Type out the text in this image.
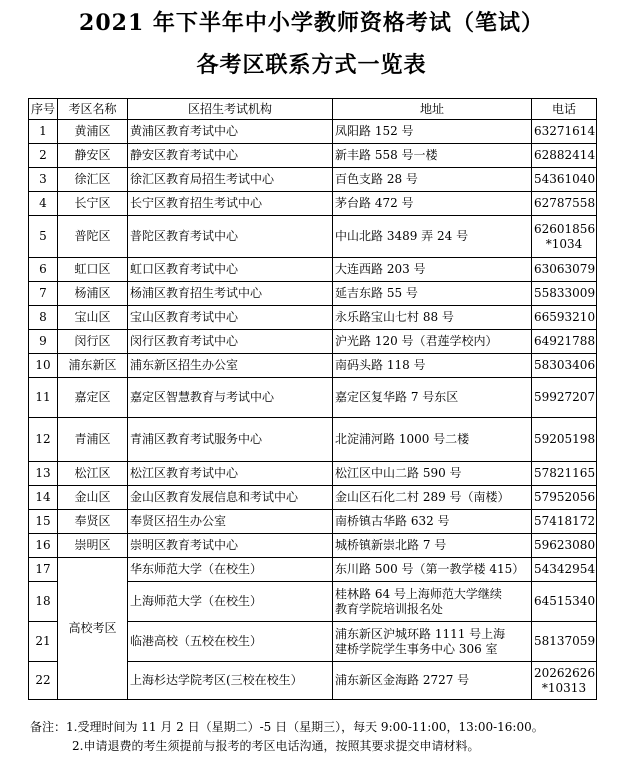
2021 年下半年中小学教师资格考试（笔试）
各考区联系方式一览表
序号	考区名称	区招生考试机构	地址	电话
1	黄浦区	黄浦区教育考试中心	凤阳路 152 号	63271614
2	静安区	静安区教育考试中心	新丰路 558 号一楼	62882414
3	徐汇区	徐汇区教育局招生考试中心	百色支路 28 号	54361040
4	长宁区	长宁区教育招生考试中心	茅台路 472 号	62787558
5	普陀区	普陀区教育考试中心	中山北路 3489 弄 24 号	62601856
*1034

6	虹口区	虹口区教育考试中心	大连西路 203 号	63063079
7	杨浦区	杨浦区教育招生考试中心	延吉东路 55 号	55833009
8	宝山区	宝山区教育考试中心	永乐路宝山七村 88 号	66593210
9	闵行区	闵行区教育考试中心	沪光路 120 号（君莲学校内）	64921788
10	浦东新区	浦东新区招生办公室	南码头路 118 号	58303406
11	嘉定区	嘉定区智慧教育与考试中心	嘉定区复华路 7 号东区	59927207
12	青浦区	青浦区教育考试服务中心	北淀浦河路 1000 号二楼	59205198
13	松江区	松江区教育考试中心	松江区中山二路 590 号	57821165
14	金山区	金山区教育发展信息和考试中心	金山区石化二村 289 号（南楼）	57952056
15	奉贤区	奉贤区招生办公室	南桥镇古华路 632 号	57418172
16	崇明区	崇明区教育考试中心	城桥镇新崇北路 7 号	59623080
17	高校考区	华东师范大学（在校生）	东川路 500 号（第一教学楼 415）	54342954
18		上海师范大学（在校生）	桂林路 64 号上海师范大学继续
教育学院培训报名处	64515340
21		临港高校（五校在校生）	浦东新区沪城环路 1111 号上海
建桥学院学生事务中心 306 室	58137059
22		上海杉达学院考区(三校在校生）	浦东新区金海路 2727 号	20262626
*10313
备注：1.受理时间为 11 月 2 日（星期二）-5 日（星期三），每天 9:00-11:00，13:00-16:00。
2.申请退费的考生须提前与报考的考区电话沟通，按照其要求提交申请材料。
